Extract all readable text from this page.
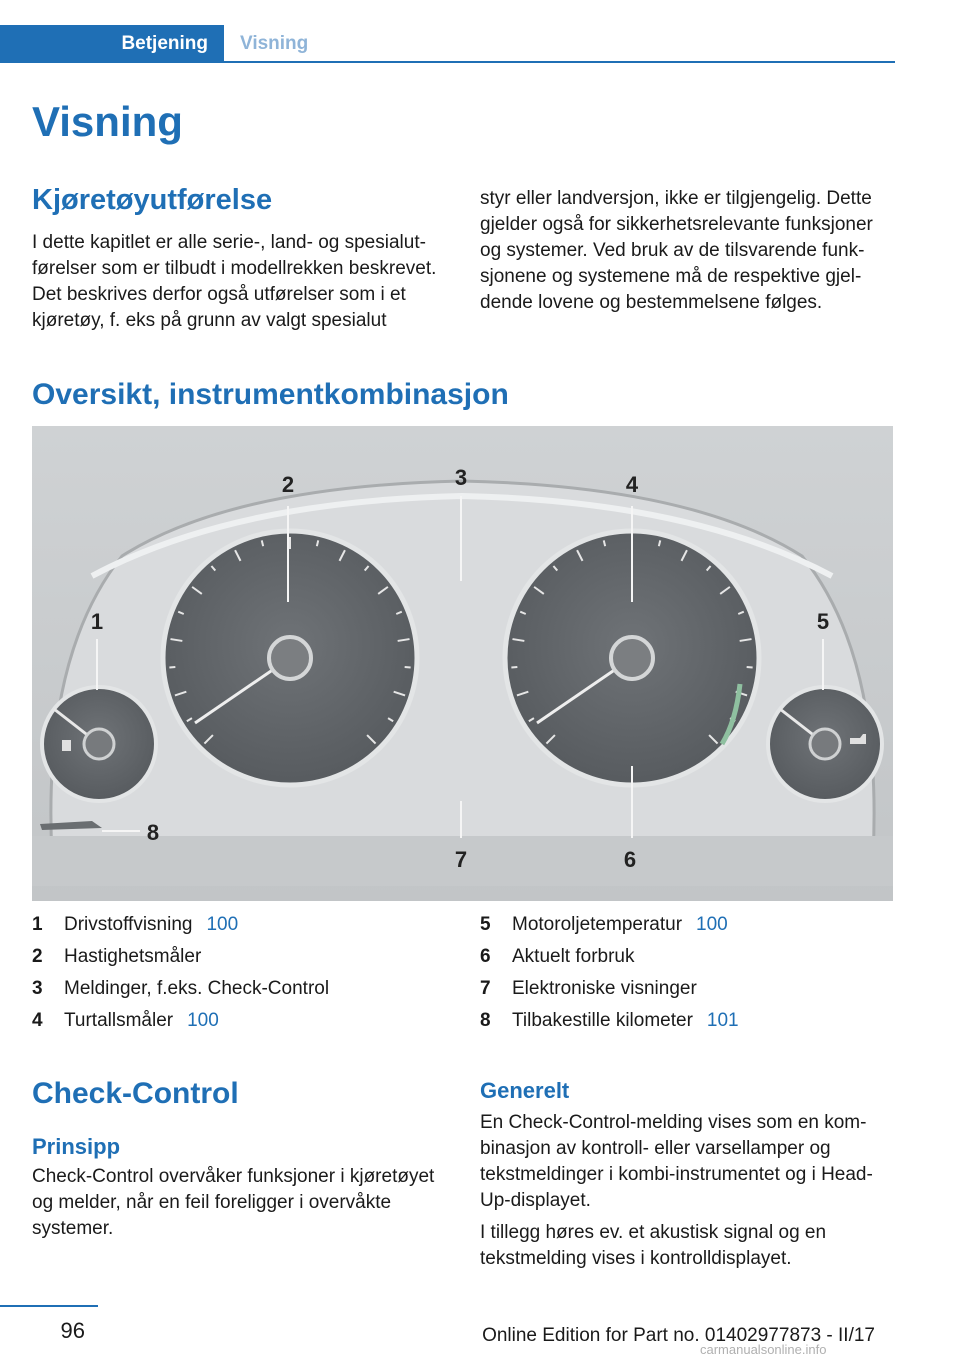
Betjening Visning
Visning
Kjøretøyutførelse
I dette kapitlet er alle serie-, land- og spesialutførelser som er tilbudt i modellrekken beskrevet. Det beskrives derfor også utførelser som i et kjøretøy, f. eks på grunn av valgt spesialut
styr eller landversjon, ikke er tilgjengelig. Dette gjelder også for sikkerhetsrelevante funksjoner og systemer. Ved bruk av de tilsvarende funksjonene og systemene må de respektive gjeldende lovene og bestemmelsene følges.
Oversikt, instrumentkombinasjon
1
2	3	4
5
6
7
8
1 Drivstoffvisning 100
2 Hastighetsmåler
3 Meldinger, f.eks. Check-Control
4 Turtallsmåler 100
5 Motoroljetemperatur 100
6 Aktuelt forbruk
7 Elektroniske visninger
8 Tilbakestille kilometer 101
Check-Control
Prinsipp
Check-Control overvåker funksjoner i kjøretøyet og melder, når en feil foreligger i overvåkte systemer.
Generelt

En Check-Control-melding vises som en kombinasjon av kontroll- eller varsellamper og tekstmeldinger i kombi-instrumentet og i Head-Up-displayet.

I tillegg høres ev. et akustisk signal og en tekstmelding vises i kontrolldisplayet.

96	Online Edition for Part no. 01402977873 - II/17
carmanualsonline.info
